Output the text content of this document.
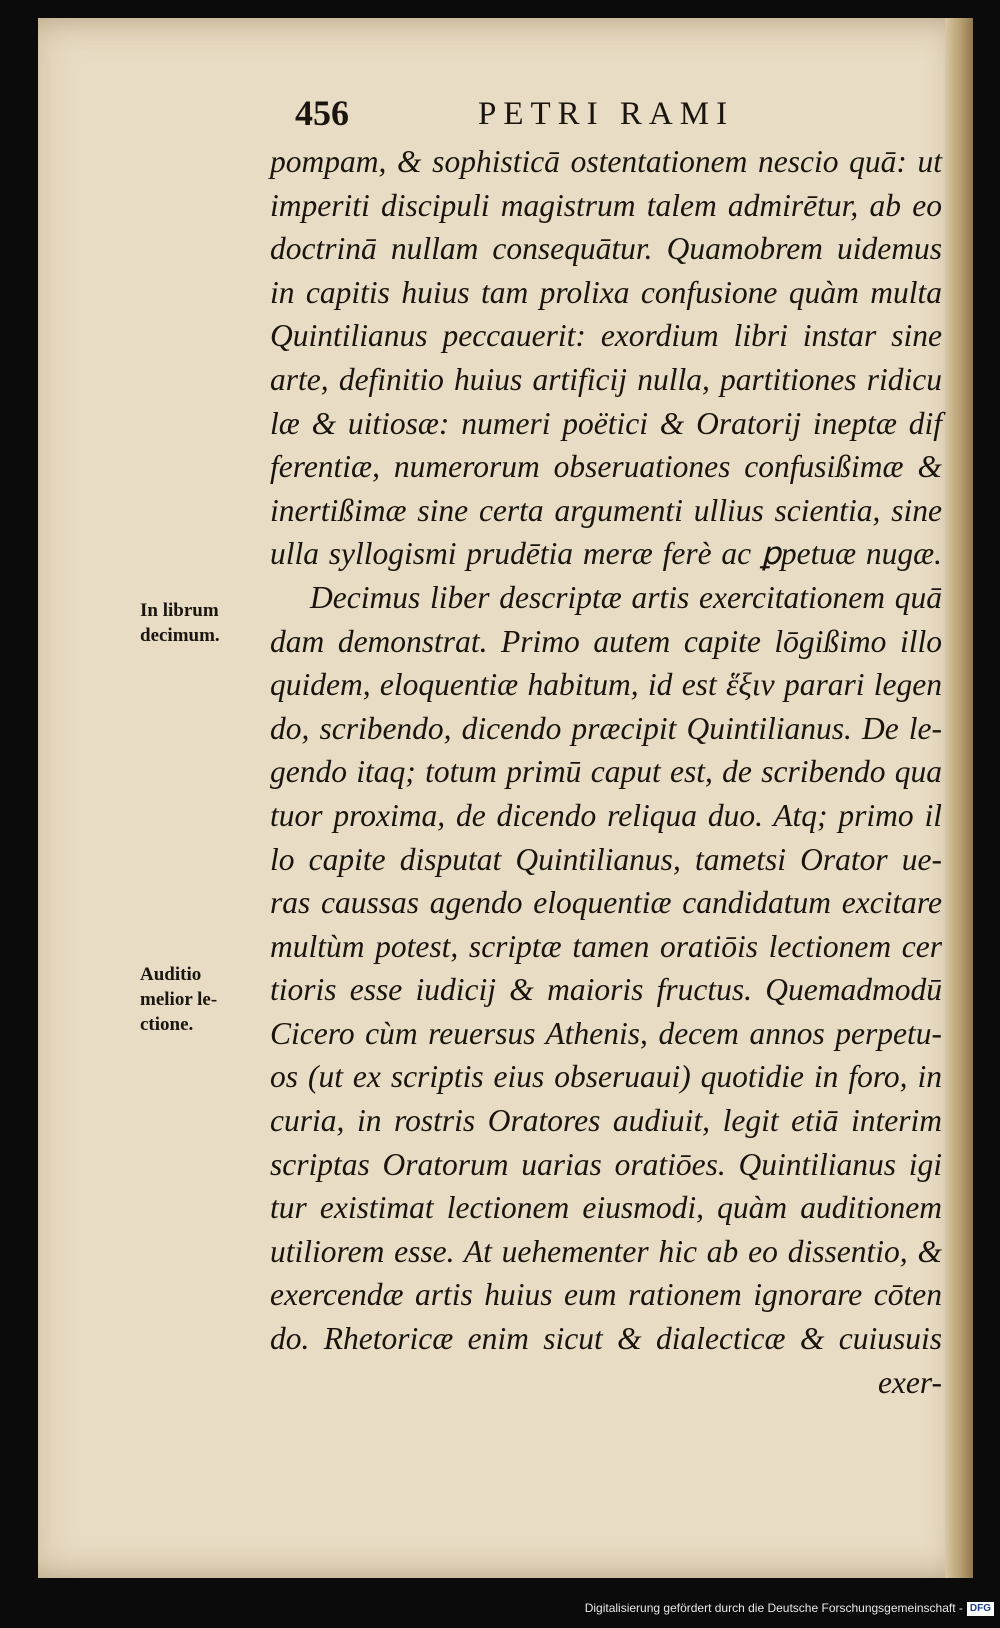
456	PETRI RAMI
In librum
decimum.
Auditio
melior le-
ctione.
pompam, & sophisticā ostentationem nescio quā: ut
imperiti discipuli magistrum talem admirētur, ab eo
doctrinā nullam consequātur. Quamobrem uidemus
in capitis huius tam prolixa confusione quàm multa
Quintilianus peccauerit: exordium libri instar sine
arte, definitio huius artificij nulla, partitiones ridicu
læ & uitiosæ: numeri poëtici & Oratorij ineptæ dif
ferentiæ, numerorum obseruationes confusißimæ &
inertißimæ sine certa argumenti ullius scientia, sine
ulla syllogismi prudētia meræ ferè ac ꝑpetuæ nugæ.
Decimus liber descriptæ artis exercitationem quā
dam demonstrat. Primo autem capite lōgißimo illo
quidem, eloquentiæ habitum, id est ἕξιν parari legen
do, scribendo, dicendo præcipit Quintilianus. De le-
gendo itaq; totum primū caput est, de scribendo qua
tuor proxima, de dicendo reliqua duo. Atq; primo il
lo capite disputat Quintilianus, tametsi Orator ue-
ras caussas agendo eloquentiæ candidatum excitare
multùm potest, scriptæ tamen oratiōis lectionem cer
tioris esse iudicij & maioris fructus. Quemadmodū
Cicero cùm reuersus Athenis, decem annos perpetu-
os (ut ex scriptis eius obseruaui) quotidie in foro, in
curia, in rostris Oratores audiuit, legit etiā interim
scriptas Oratorum uarias oratiōes. Quintilianus igi
tur existimat lectionem eiusmodi, quàm auditionem
utiliorem esse. At uehementer hic ab eo dissentio, &
exercendæ artis huius eum rationem ignorare cōten
do. Rhetoricæ enim sicut & dialecticæ & cuiusuis
exer-
Digitalisierung gefördert durch die Deutsche Forschungsgemeinschaft - DFG
